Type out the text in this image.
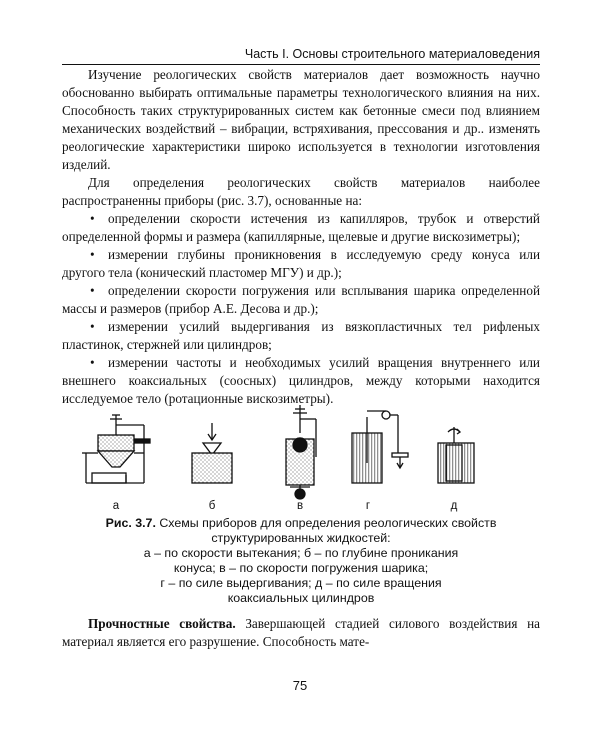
Часть I. Основы строительного материаловедения

Изучение реологических свойств материалов дает возможность научно обоснованно выбирать оптимальные параметры технологического влияния на них. Способность таких структурированных систем как бетонные смеси под влиянием механических воздействий – вибрации, встряхивания, прессования и др.. изменять реологические характеристики широко используется в технологии изготовления изделий.

Для определения реологических свойств материалов наиболее распространенны приборы (рис. 3.7), основанные на:

• определении скорости истечения из капилляров, трубок и отверстий определенной формы и размера (капиллярные, щелевые и другие вискозиметры);

• измерении глубины проникновения в исследуемую среду конуса или другого тела (конический пластомер МГУ) и др.);

• определении скорости погружения или всплывания шарика определенной массы и размеров (прибор А.Е. Десова и др.);

• измерении усилий выдергивания из вязкопластичных тел рифленых пластинок, стержней или цилиндров;

• измерении частоты и необходимых усилий вращения внутреннего или внешнего коаксиальных (соосных) цилиндров, между которыми находится исследуемое тело (ротационные вискозиметры).

а	б	в	г	д
Рис. 3.7. Схемы приборов для определения реологических свойств структурированных жидкостей:
а – по скорости вытекания; б – по глубине проникания
конуса; в – по скорости погружения шарика;
г – по силе выдергивания; д – по силе вращения
коаксиальных цилиндров

Прочностные свойства. Завершающей стадией силового воздействия на материал является его разрушение. Способность мате-

75
